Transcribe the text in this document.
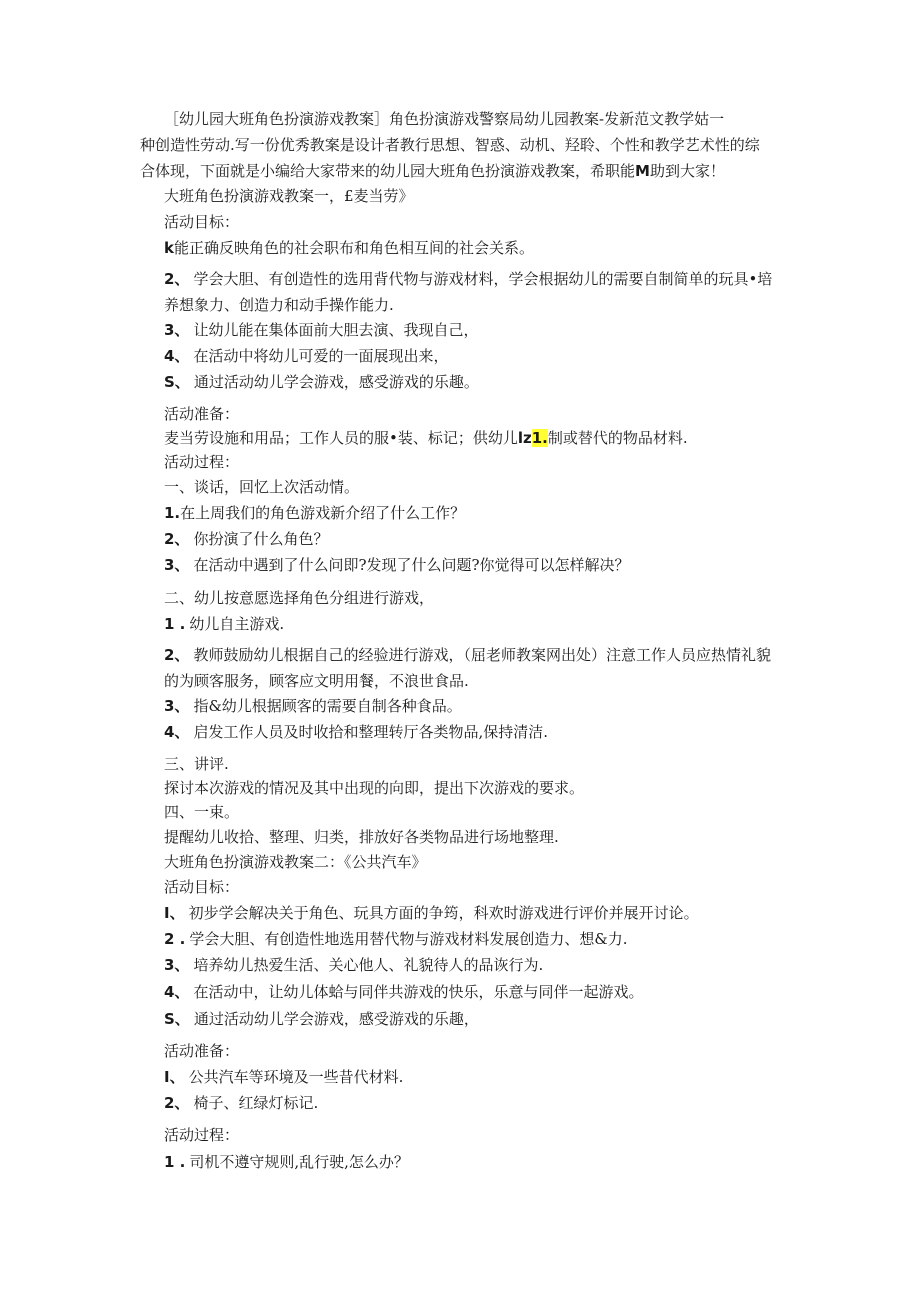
［幼儿园大班角色扮演游戏教案］角色扮演游戏警察局幼儿园教案-发新范文教学姑一
种创造性劳动.写一份优秀教案是设计者教行思想、智惑、动机、羟聆、个性和教学艺术性的综
合体现，下面就是小编给大家带来的幼儿园大班角色扮演游戏教案，希职能M助到大家！
大班角色扮演游戏教案一，£麦当劳》
活动目标：
k能正确反映角色的社会职布和角色相互间的社会关系。
2、 学会大胆、有创造性的选用背代物与游戏材料，学会根据幼儿的需要自制简单的玩具•培养想象力、创造力和动手操作能力.
3、 让幼儿能在集体面前大胆去演、我现自己，
4、 在活动中将幼儿可爱的一面展现出来，
S、 通过活动幼儿学会游戏，感受游戏的乐趣。
活动准备：
麦当劳设施和用品；工作人员的服•装、标记；供幼儿lz1.制或替代的物品材料.
活动过程：
一、谈话，回忆上次活动情。
1.在上周我们的角色游戏新介绍了什么工作？
2、 你扮演了什么角色？
3、 在活动中遇到了什么问即?发现了什么问题?你觉得可以怎样解决？
二、幼儿按意愿选择角色分组进行游戏，
1 . 幼儿自主游戏.
2、 教师鼓励幼儿根据自己的经验进行游戏，（屈老师教案网出处）注意工作人员应热情礼貌的为顾客服务，顾客应文明用餐，不浪世食品.
3、 指&幼儿根据顾客的需要自制各种食品。
4、 启发工作人员及时收拾和整理转厅各类物品,保持清洁.
三、讲评.
探讨本次游戏的情况及其中出现的向即，提出下次游戏的要求。
四、一束。
提醒幼儿收拾、整理、归类，排放好各类物品进行场地整理.
大班角色扮演游戏教案二：《公共汽车》
活动目标：
I、 初步学会解决关于角色、玩具方面的争筠，科欢时游戏进行评价并展开讨论。
2 . 学会大胆、有创造性地选用替代物与游戏材料发展创造力、想&力.
3、 培养幼儿热爱生活、关心他人、礼貌待人的品诙行为.
4、 在活动中，让幼儿体蛤与同伴共游戏的快乐，乐意与同伴一起游戏。
S、 通过活动幼儿学会游戏，感受游戏的乐趣，
活动准备：
I、 公共汽车等环境及一些昔代材料.
2、 椅子、红绿灯标记.
活动过程：
1 . 司机不遵守规则,乱行驶,怎么办？
